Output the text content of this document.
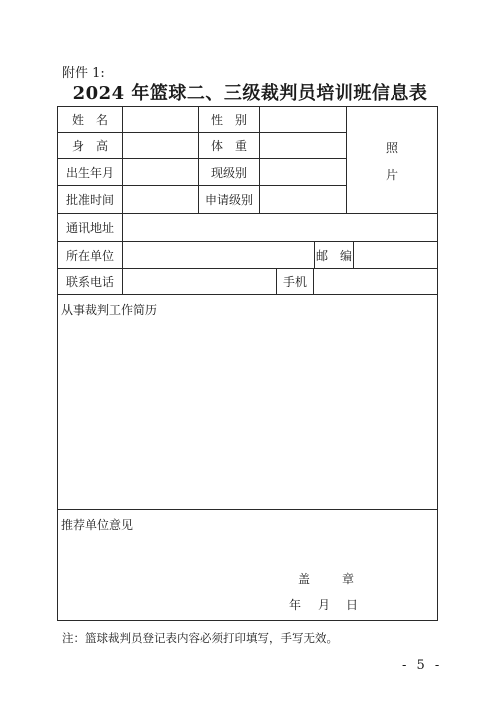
附件 1:
2024 年篮球二、三级裁判员培训班信息表
姓　名	性　别
身　高	体　重
出生年月	现级别
批准时间	申请级别
照
片
通讯地址
所在单位	邮　编
联系电话	手机
从事裁判工作简历
推荐单位意见
盖　章
年 月 日
注：篮球裁判员登记表内容必须打印填写，手写无效。
- 5 -
